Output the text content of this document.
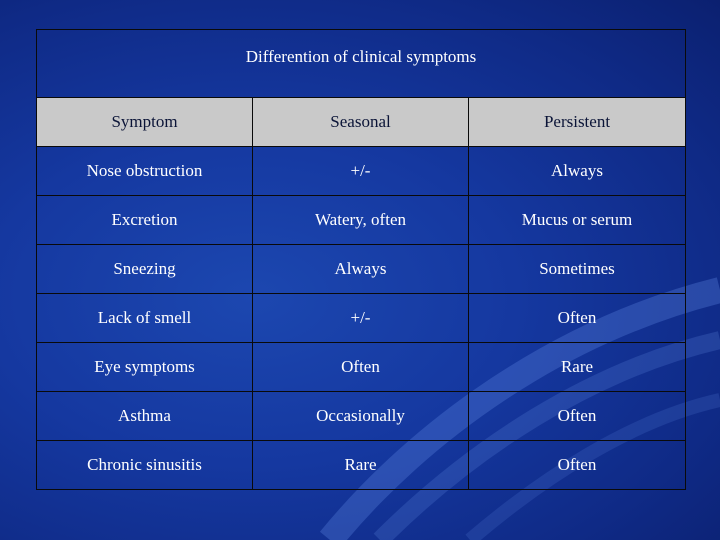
Differention of clinical symptoms		
Symptom	Seasonal	Persistent
Nose obstruction	+/-	Always
Excretion	Watery, often	Mucus or serum
Sneezing	Always	Sometimes
Lack of smell	+/-	Often
Eye symptoms	Often	Rare
Asthma	Occasionally	Often
Chronic sinusitis	Rare	Often
